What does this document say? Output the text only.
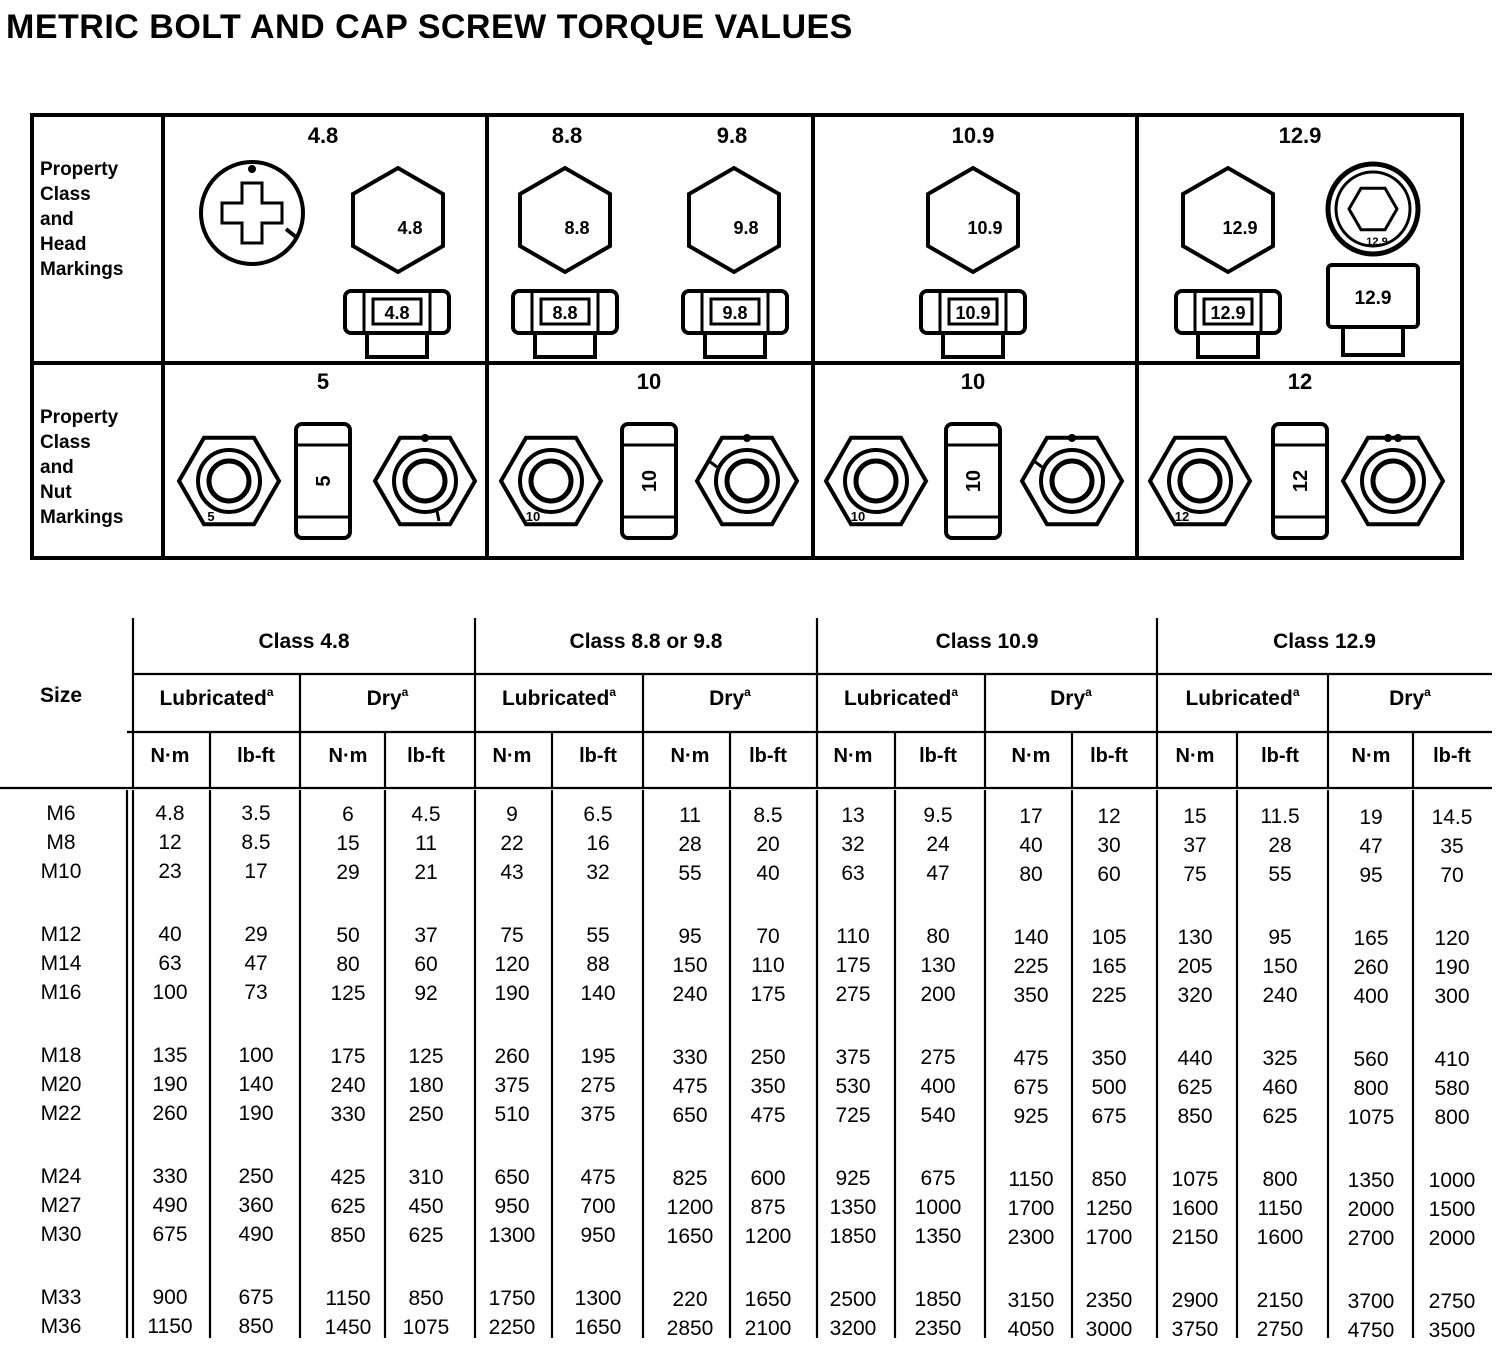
METRIC BOLT AND CAP SCREW TORQUE VALUES
Property
Class
and
Head
Markings
Property
Class
and
Nut
Markings
4.8	8.8	9.8	10.9	12.9
4.8
4.8
8.8	9.8
8.8	9.8
10.9
10.9
12.9
12.9
12.9
12.9
5	10	10	12
5
5
10
10
10
10
12
12
Class 4.8	Class 8.8 or 9.8	Class 10.9	Class 12.9
Size	Lubricated$^a$	Dry$^a$	Lubricated$^a$	Dry$^a$	Lubricated$^a$	Dry$^a$	Lubricated$^a$	Dry$^a$
N·m lb-ft	N·m lb-ft N·m lb-ft	N·m lb-ft N·m lb-ft	N·m lb-ft N·m lb-ft	N·m lb-ft
M6	4.8	3.5	6	4.5	9	6.5	11 8.5	13	9.5	17	12	15	11.5	19 14.5
M8	12	8.5	15	11	22	16	28	20	32	24	40	30	37	28	47	35
M10	23	17	29	21	43	32	55	40	63	47	80	60	75	55	95	70
M12	40	29	50	37	75	55	95	70	110	80	140 105 130	95	165 120
M14	63	47	80	60	120	88	150 110 175 130	225 165 205 150	260 190
M16	100	73	125 92	190 140	240 175 275 200	350 225 320 240	400 300
M18	135 100	175 125 260 195	330 250 375 275	475 350 440 325	560 410
M20	190 140	240 180 375 275	475 350 530 400	675 500 625 460	800 580
M22	260 190	330 250 510 375	650 475 725 540	925 675 850 625 1075 800
M24	330 250	425 310 650 475	825 600 925 675	1150 850 1075 800 1350 1000
M27	490 360	625 450 950 700 1200 875 1350 1000 1700 1250 1600 1150 2000 1500
M30	675 490	850 625 1300 950 1650 1200 1850 1350 2300 1700 2150 1600 2700 2000
M33	900 675 1150 850 1750 1300 220 1650 2500 1850 3150 2350 2900 2150 3700 2750
M36	1150 850 1450 1075 2250 1650 2850 2100 3200 2350 4050 3000 3750 2750 4750 3500
